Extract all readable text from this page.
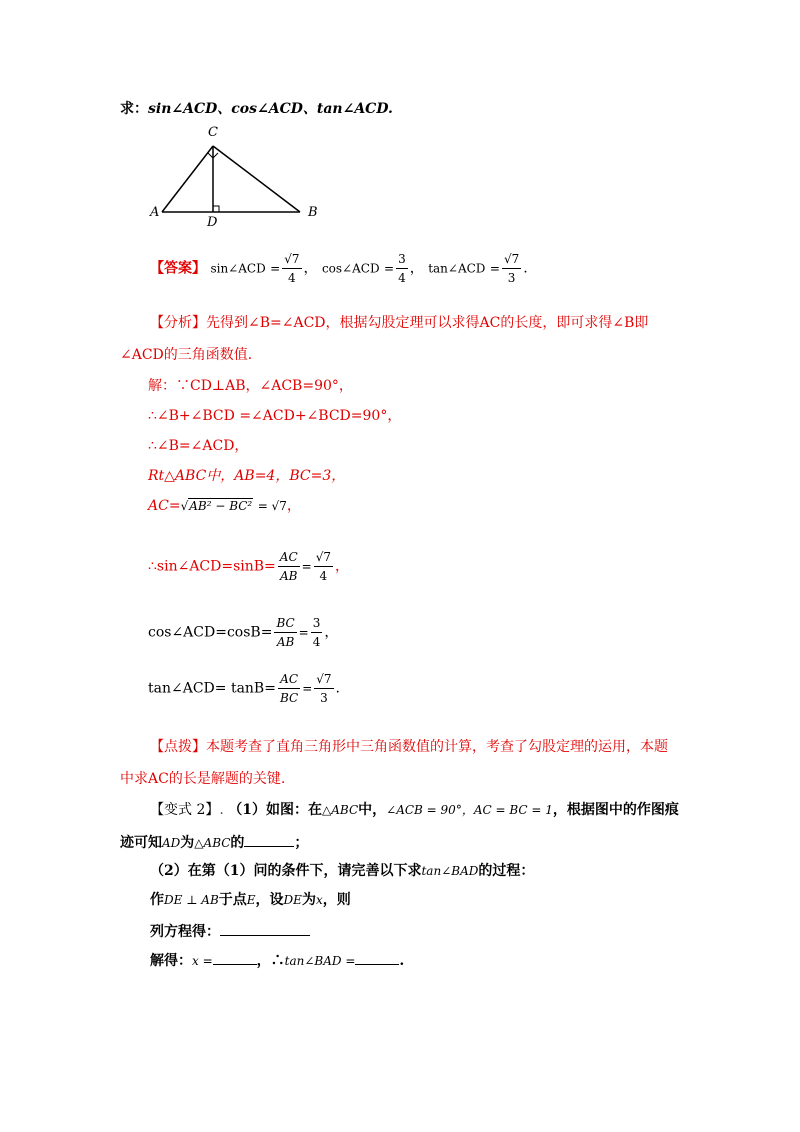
求：sin∠ACD、cos∠ACD、tan∠ACD.
C
A	B
D
【答案】 sin∠ACD = $\frac{√7}{4}$ ， cos∠ACD = $\frac{3}{4}$ ， tan∠ACD = $\frac{√7}{3}$ .
【分析】先得到∠B=∠ACD，根据勾股定理可以求得AC的长度，即可求得∠B即
∠ACD的三角函数值．
解：∵CD⊥AB，∠ACB=90°，
∴∠B+∠BCD =∠ACD+∠BCD=90°，
∴∠B=∠ACD，
Rt△ABC中，AB=4，BC=3，
AC=√AB² − BC² = √7，
∴sin∠ACD=sinB= $\frac{AC}{AB} = \frac{√7}{4}$ ，
cos∠ACD=cosB= $\frac{BC}{AB} = \frac{3}{4}$ ，
tan∠ACD= $\tan B= \frac{AC}{BC} = \frac{√7}{3}$ .
【点拨】本题考查了直角三角形中三角函数值的计算，考查了勾股定理的运用，本题
中求AC的长是解题的关键.
【变式 2】. （1）如图：在△ABC中，∠ACB = 90°，AC = BC = 1，根据图中的作图痕
迹可知AD为△ABC的	；
（2）在第（1）问的条件下，请完善以下求tan∠BAD的过程：
作DE ⊥ AB于点E，设DE为x，则
列方程得：
解得：x =	，∴tan∠BAD =	.
